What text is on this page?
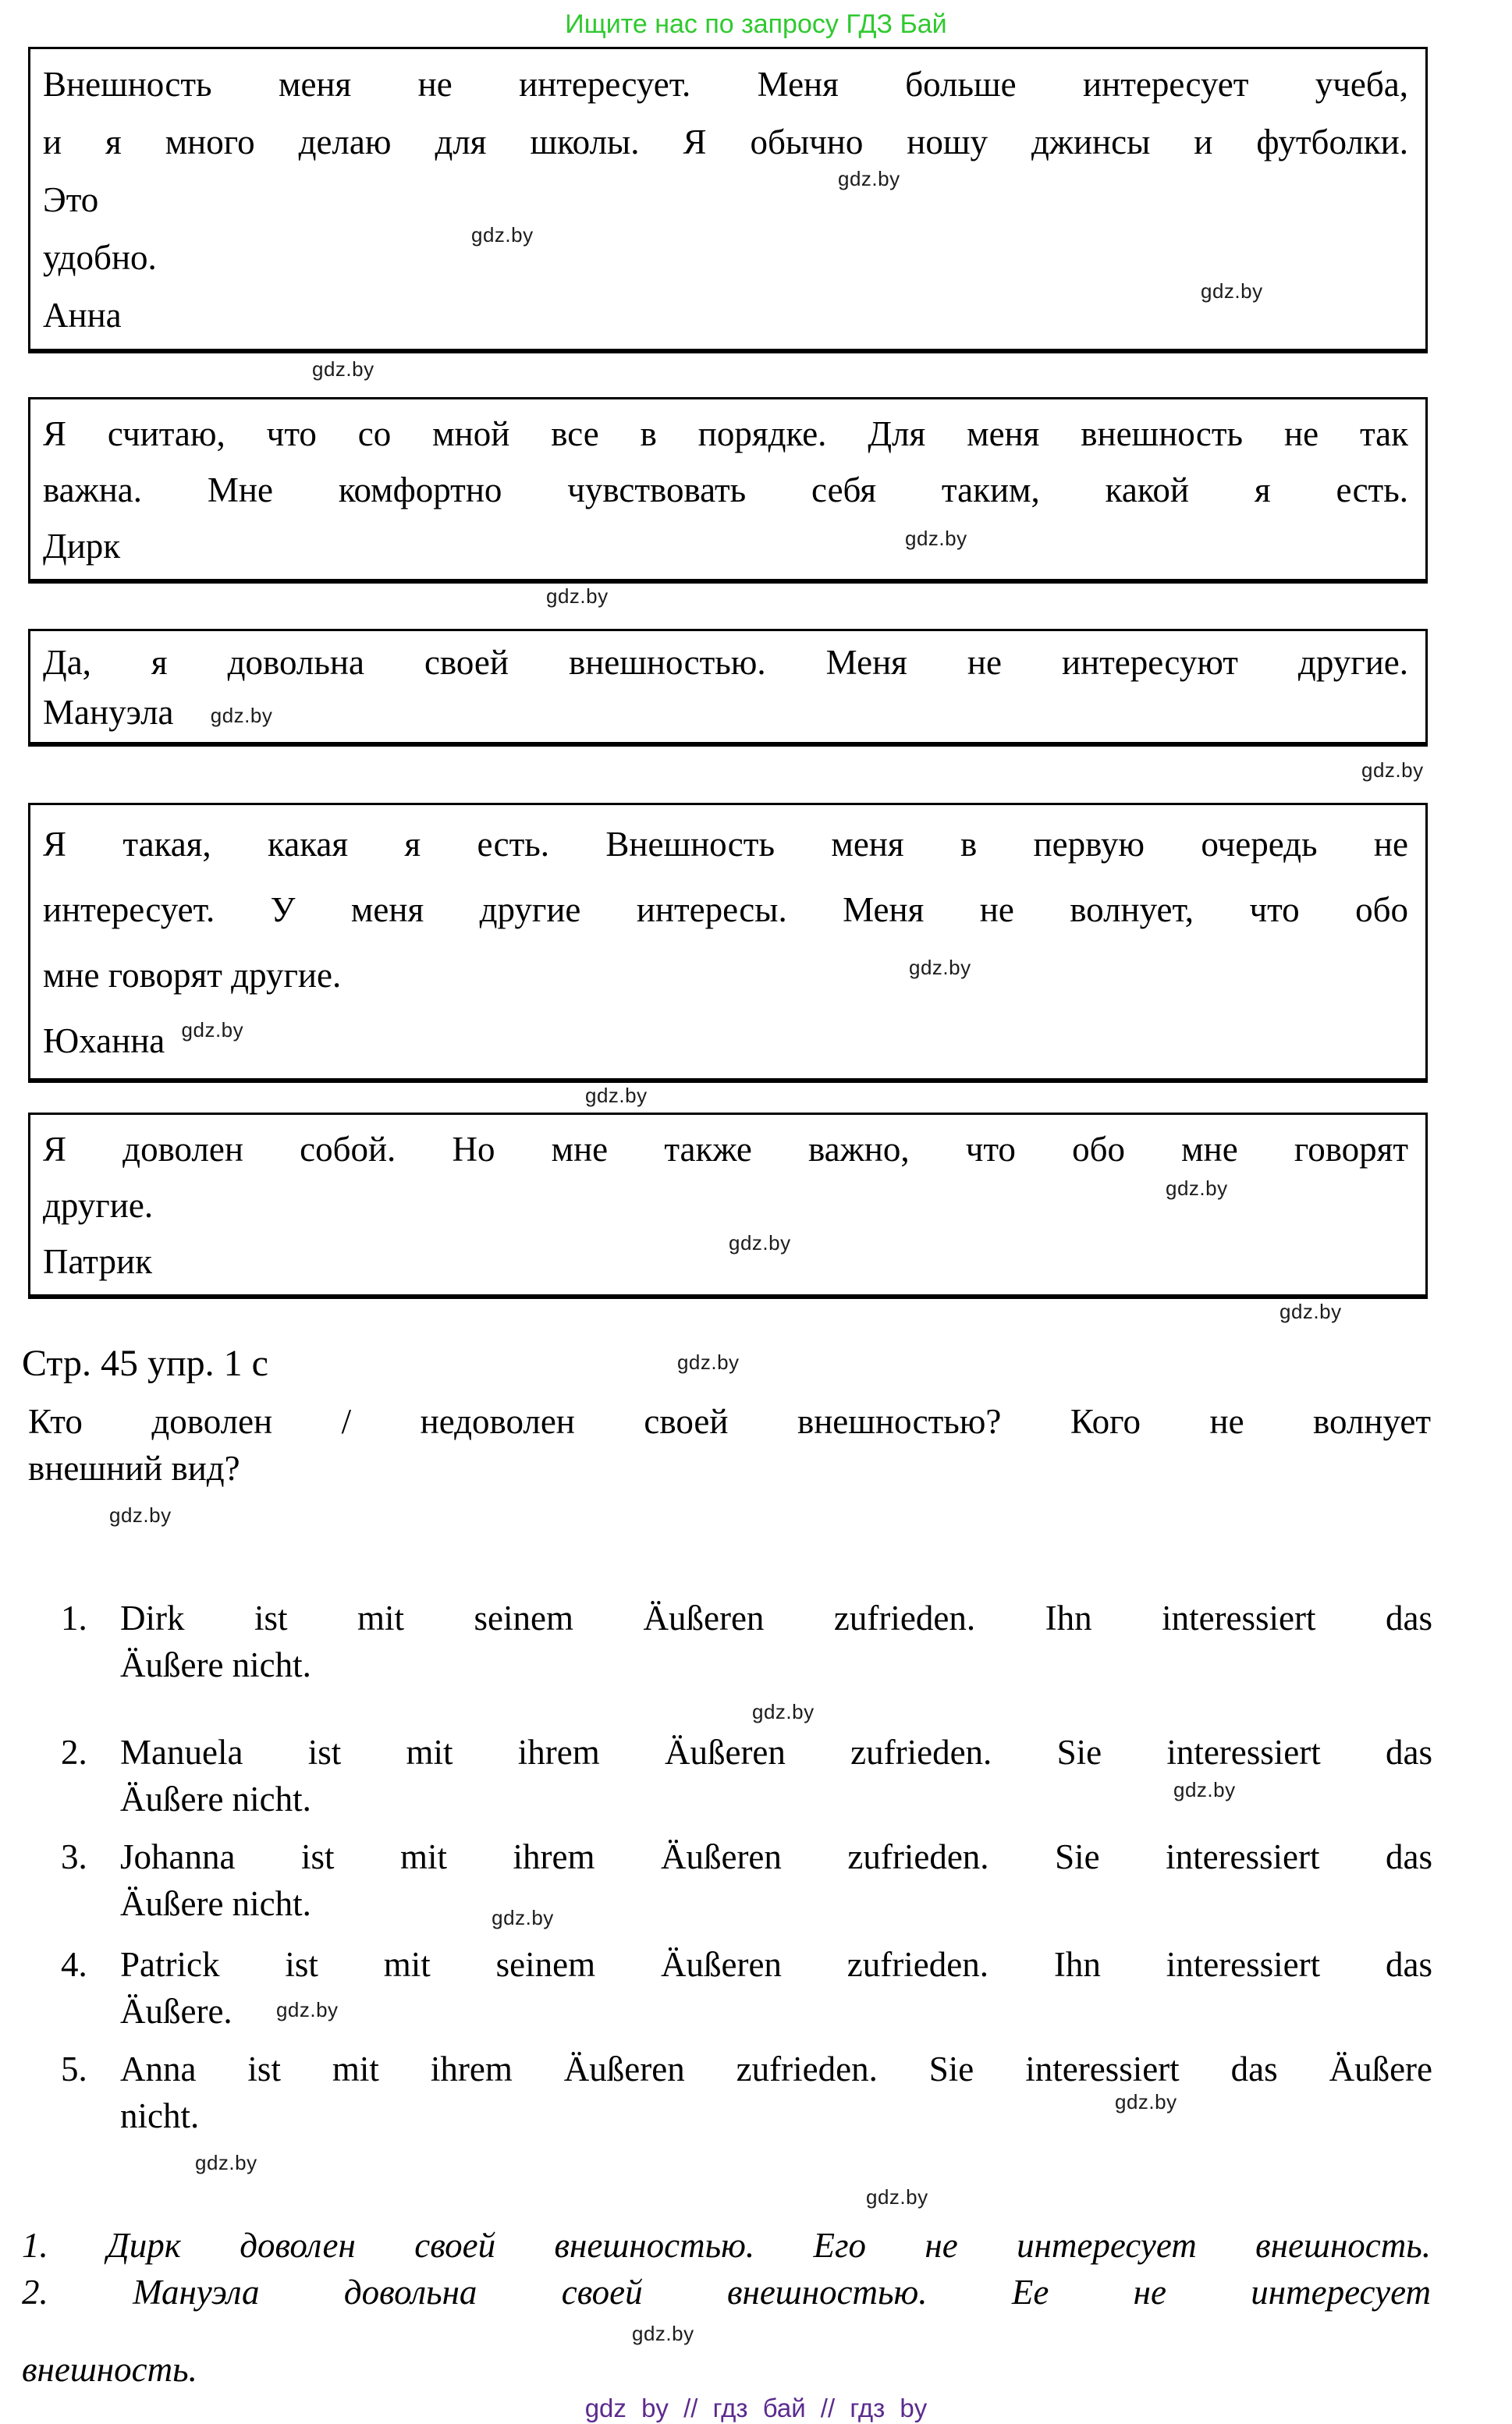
Ищите нас по запросу ГДЗ Бай
Внешность меня не интересует. Меня больше интересует учеба,
и я много делаю для школы. Я обычно ношу джинсы и футболки.
Это
удобно.
Анна
gdz.by
gdz.by
gdz.by
gdz.by
Я считаю, что со мной все в порядке. Для меня внешность не так
важна. Мне комфортно чувствовать себя таким, какой я есть.
Дирк	gdz.by
gdz.by
Да, я довольна своей внешностью. Меня не интересуют другие.
Мануэла gdz.by
gdz.by
Я такая, какая я есть. Внешность меня в первую очередь не
интересует. У меня другие интересы. Меня не волнует, что обо
мне говорят другие.	gdz.by
Юханна $^{gdz.by}$
gdz.by
Я доволен собой. Но мне также важно, что обо мне говорят
другие.
Патрик
gdz.by
gdz.by
gdz.by
Стр. 45 упр. 1 с	gdz.by
Кто доволен / недоволен своей внешностью? Кого не волнует
внешний вид?
gdz.by
1. Dirk ist mit seinem Äußeren zufrieden. Ihn interessiert das
Äußere nicht.
gdz.by
2. Manuela ist mit ihrem Äußeren zufrieden. Sie interessiert das
Äußere nicht.	gdz.by
3. Johanna ist mit ihrem Äußeren zufrieden. Sie interessiert das
Äußere nicht.	$_{gdz.by}$
4. Patrick ist mit seinem Äußeren zufrieden. Ihn interessiert das
Äußere. gdz.by
5. Anna ist mit ihrem Äußeren zufrieden. Sie interessiert das Äußere
nicht.	gdz.by
gdz.by
gdz.by
1. Дирк доволен своей внешностью. Его не интересует внешность.
2. Мануэла довольна своей внешностью. Ее не интересует
gdz.by
внешность.
gdz by // гдз бай // гдз by
